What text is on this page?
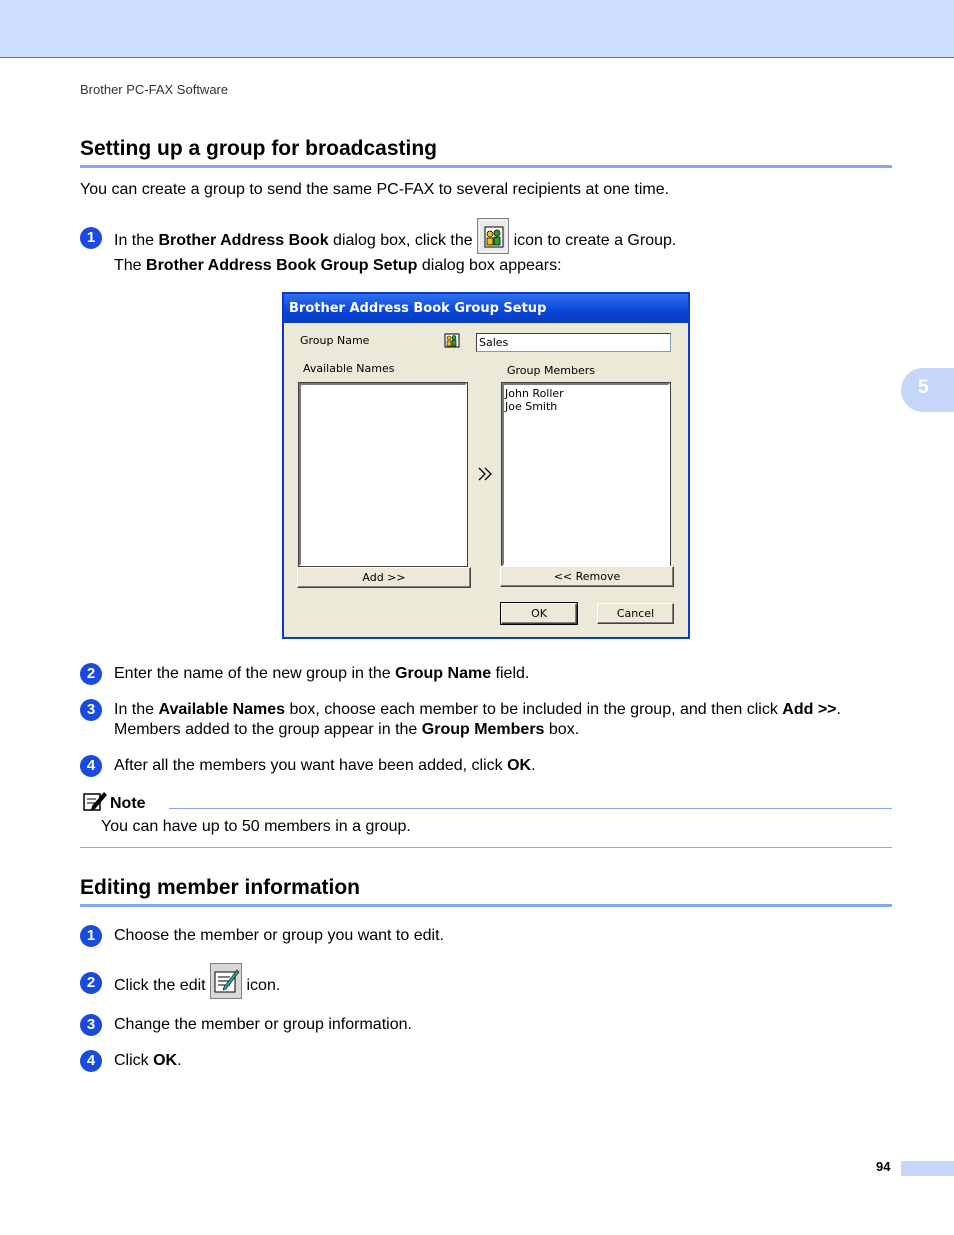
Brother PC-FAX Software
5
Setting up a group for broadcasting
You can create a group to send the same PC-FAX to several recipients at one time.
1	In the Brother Address Book dialog box, click the  icon to create a Group.
The Brother Address Book Group Setup dialog box appears:
Brother Address Book Group Setup
Group Name	Sales
Available Names	Group Members
John Roller
Joe Smith
Add >>	<< Remove
OK	Cancel
2	Enter the name of the new group in the Group Name field.
3	In the Available Names box, choose each member to be included in the group, and then click Add >>.
Members added to the group appear in the Group Members box.
4	After all the members you want have been added, click OK.
Note
You can have up to 50 members in a group.
Editing member information
1	Choose the member or group you want to edit.
2	Click the edit  icon.
3	Change the member or group information.
4	Click OK.
94
